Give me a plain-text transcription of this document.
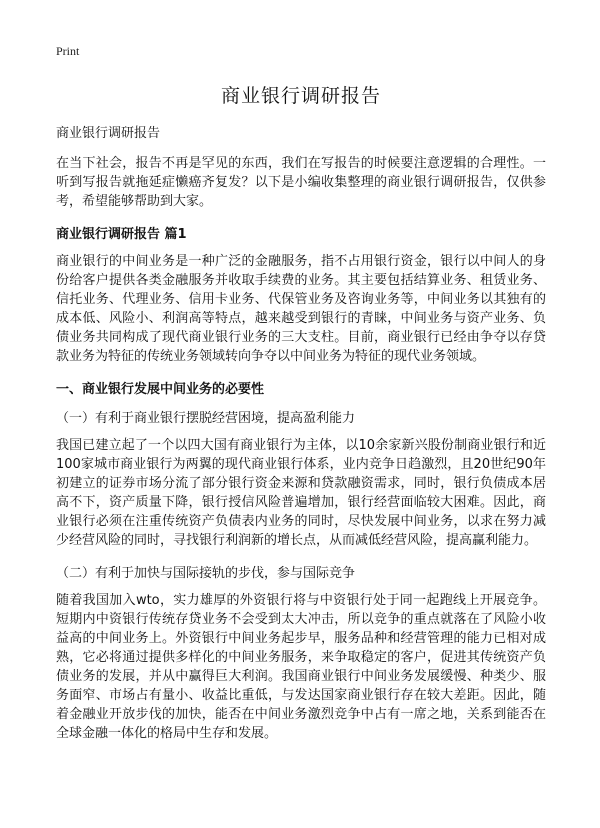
Print
商业银行调研报告
商业银行调研报告

在当下社会，报告不再是罕见的东西，我们在写报告的时候要注意逻辑的合理性。一听到写报告就拖延症懒癌齐复发？以下是小编收集整理的商业银行调研报告，仅供参考，希望能够帮助到大家。

商业银行调研报告 篇1

商业银行的中间业务是一种广泛的金融服务，指不占用银行资金，银行以中间人的身份给客户提供各类金融服务并收取手续费的业务。其主要包括结算业务、租赁业务、信托业务、代理业务、信用卡业务、代保管业务及咨询业务等，中间业务以其独有的成本低、风险小、利润高等特点，越来越受到银行的青睐，中间业务与资产业务、负债业务共同构成了现代商业银行业务的三大支柱。目前，商业银行已经由争夺以存贷款业务为特征的传统业务领域转向争夺以中间业务为特征的现代业务领域。

一、商业银行发展中间业务的必要性
（一）有利于商业银行摆脱经营困境，提高盈利能力

我国已建立起了一个以四大国有商业银行为主体，以10余家新兴股份制商业银行和近100家城市商业银行为两翼的现代商业银行体系，业内竞争日趋激烈，且20世纪90年初建立的证券市场分流了部分银行资金来源和贷款融资需求，同时，银行负债成本居高不下，资产质量下降，银行授信风险普遍增加，银行经营面临较大困难。因此，商业银行必须在注重传统资产负债表内业务的同时，尽快发展中间业务，以求在努力减少经营风险的同时，寻找银行利润新的增长点，从而减低经营风险，提高赢利能力。

（二）有利于加快与国际接轨的步伐，参与国际竞争

随着我国加入wto，实力雄厚的外资银行将与中资银行处于同一起跑线上开展竞争。短期内中资银行传统存贷业务不会受到太大冲击，所以竞争的重点就落在了风险小收益高的中间业务上。外资银行中间业务起步早，服务品种和经营管理的能力已相对成熟，它必将通过提供多样化的中间业务服务，来争取稳定的客户，促进其传统资产负债业务的发展，并从中赢得巨大利润。我国商业银行中间业务发展缓慢、种类少、服务面窄、市场占有量小、收益比重低，与发达国家商业银行存在较大差距。因此，随着金融业开放步伐的加快，能否在中间业务激烈竞争中占有一席之地，关系到能否在全球金融一体化的格局中生存和发展。
